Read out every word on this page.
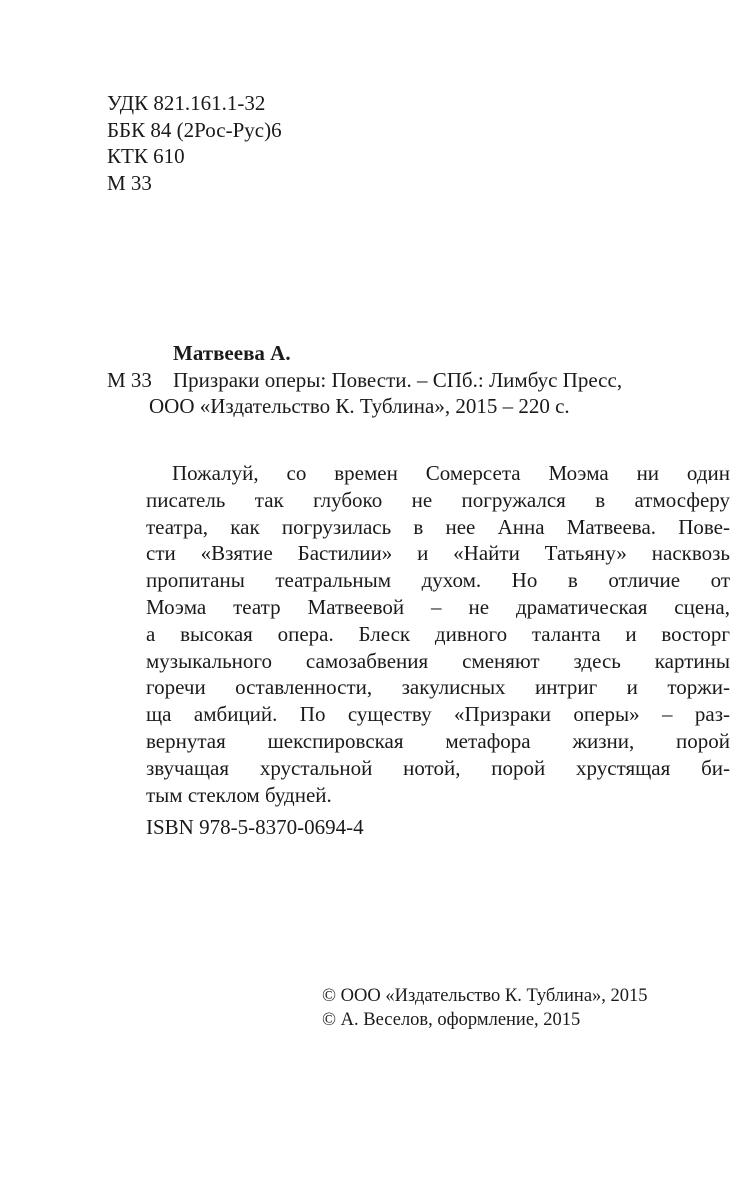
УДК 821.161.1-32
ББК 84 (2Рос-Рус)6
КТК 610
М 33
Матвеева А.
М 33	Призраки оперы: Повести. – СПб.: Лимбус Пресс,
ООО «Издательство К. Тублина», 2015 – 220 с.
Пожалуй, со времен Сомерсета Моэма ни один
писатель так глубоко не погружался в атмосферу
театра, как погрузилась в нее Анна Матвеева. Пове-
сти «Взятие Бастилии» и «Найти Татьяну» насквозь
пропитаны театральным духом. Но в отличие от
Моэма театр Матвеевой – не драматическая сцена,
а высокая опера. Блеск дивного таланта и восторг
музыкального самозабвения сменяют здесь картины
горечи оставленности, закулисных интриг и торжи-
ща амбиций. По существу «Призраки оперы» – раз-
вернутая шекспировская метафора жизни, порой
звучащая хрустальной нотой, порой хрустящая би-
тым стеклом будней.
ISBN 978-5-8370-0694-4
© ООО «Издательство К. Тублина», 2015
© А. Веселов, оформление, 2015
